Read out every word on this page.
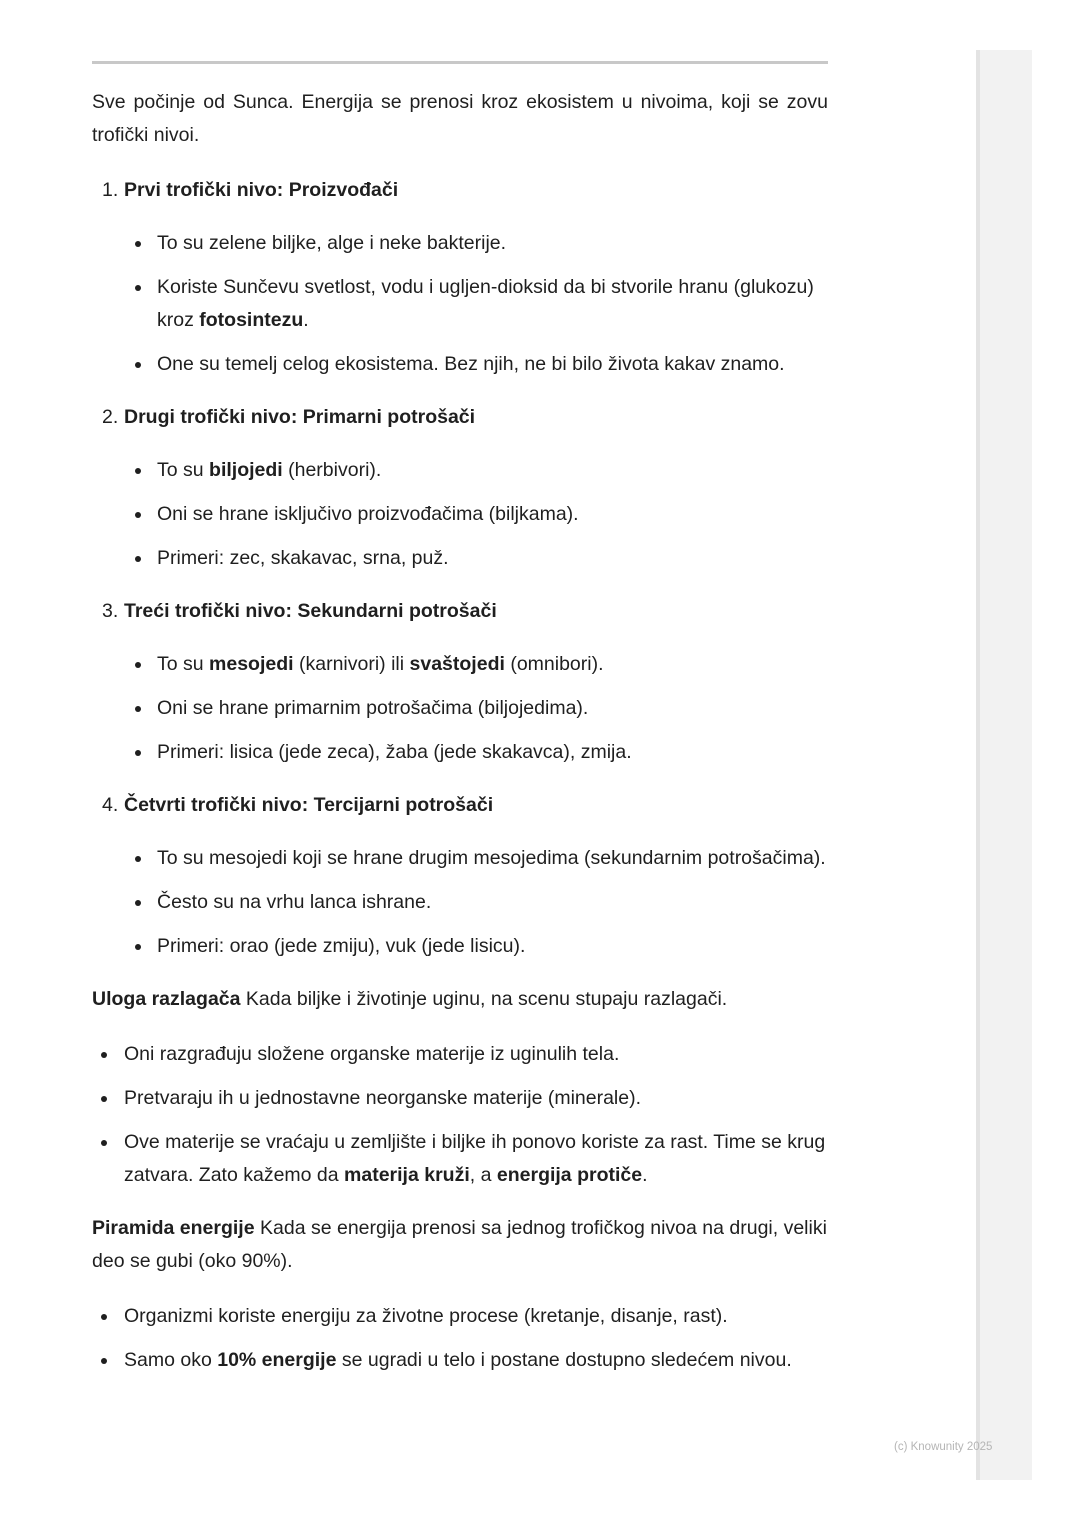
Sve počinje od Sunca. Energija se prenosi kroz ekosistem u nivoima, koji se zovu trofički nivoi.

1. Prvi trofički nivo: Proizvođači
To su zelene biljke, alge i neke bakterije.
Koriste Sunčevu svetlost, vodu i ugljen-dioksid da bi stvorile hranu (glukozu) kroz fotosintezu.
One su temelj celog ekosistema. Bez njih, ne bi bilo života kakav znamo.
2. Drugi trofički nivo: Primarni potrošači
To su biljojedi (herbivori).
Oni se hrane isključivo proizvođačima (biljkama).
Primeri: zec, skakavac, srna, puž.
3. Treći trofički nivo: Sekundarni potrošači
To su mesojedi (karnivori) ili svaštojedi (omnibori).
Oni se hrane primarnim potrošačima (biljojedima).
Primeri: lisica (jede zeca), žaba (jede skakavca), zmija.
4. Četvrti trofički nivo: Tercijarni potrošači
To su mesojedi koji se hrane drugim mesojedima (sekundarnim potrošačima).
Često su na vrhu lanca ishrane.
Primeri: orao (jede zmiju), vuk (jede lisicu).

Uloga razlagača Kada biljke i životinje uginu, na scenu stupaju razlagači.

Oni razgrađuju složene organske materije iz uginulih tela.
Pretvaraju ih u jednostavne neorganske materije (minerale).
Ove materije se vraćaju u zemljište i biljke ih ponovo koriste za rast. Time se krug zatvara. Zato kažemo da materija kruži, a energija protiče.

Piramida energije Kada se energija prenosi sa jednog trofičkog nivoa na drugi, veliki deo se gubi (oko 90%).

Organizmi koriste energiju za životne procese (kretanje, disanje, rast).
Samo oko 10% energije se ugradi u telo i postane dostupno sledećem nivou.
(c) Knowunity 2025
